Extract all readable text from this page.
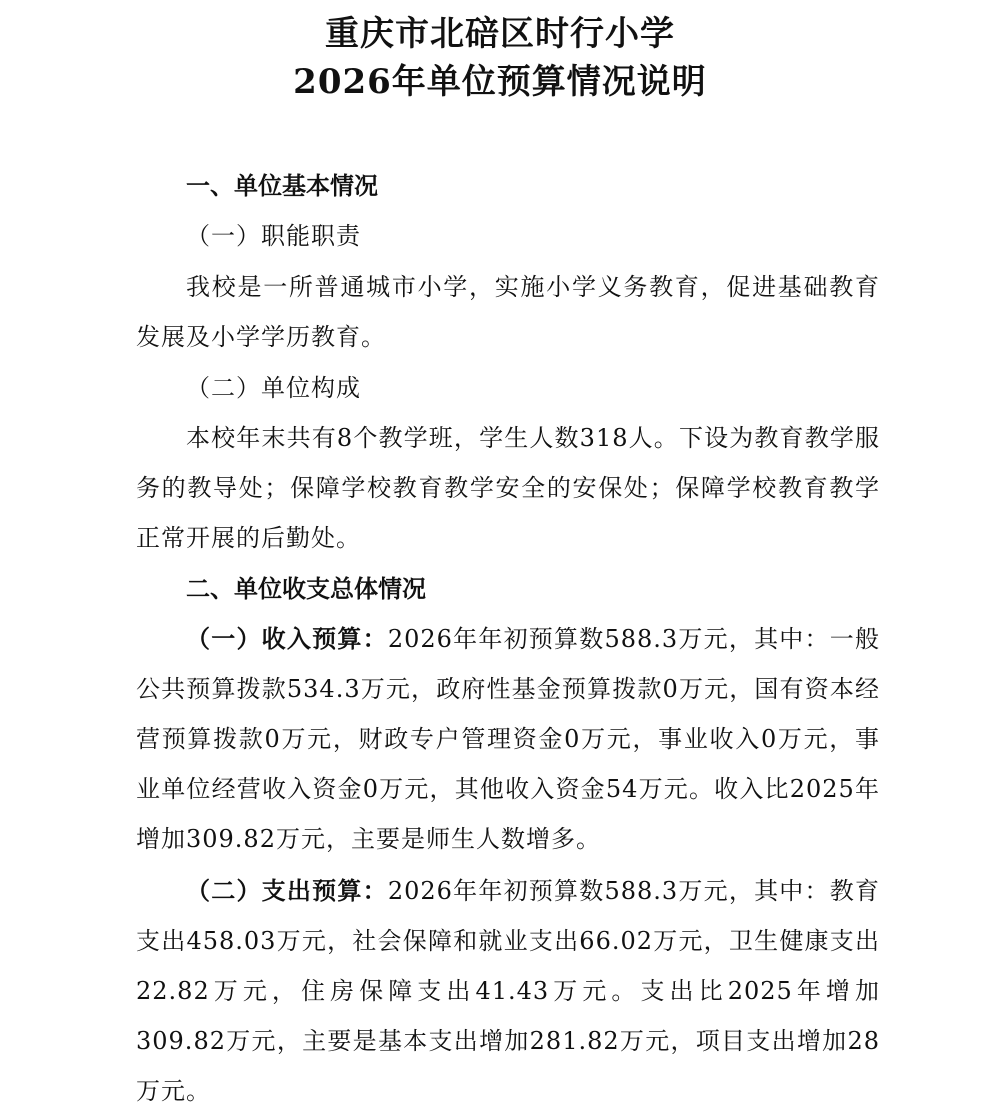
重庆市北碚区时行小学
2026年单位预算情况说明
一、单位基本情况
（一）职能职责
我校是一所普通城市小学，实施小学义务教育，促进基础教育发展及小学学历教育。
（二）单位构成
本校年末共有8个教学班，学生人数318人。下设为教育教学服务的教导处；保障学校教育教学安全的安保处；保障学校教育教学正常开展的后勤处。
二、单位收支总体情况
（一）收入预算：2026年年初预算数588.3万元，其中：一般公共预算拨款534.3万元，政府性基金预算拨款0万元，国有资本经营预算拨款0万元，财政专户管理资金0万元，事业收入0万元，事业单位经营收入资金0万元，其他收入资金54万元。收入比2025年增加309.82万元，主要是师生人数增多。
（二）支出预算：2026年年初预算数588.3万元，其中：教育支出458.03万元，社会保障和就业支出66.02万元，卫生健康支出22.82万元，住房保障支出41.43万元。支出比2025年增加309.82万元，主要是基本支出增加281.82万元，项目支出增加28万元。
